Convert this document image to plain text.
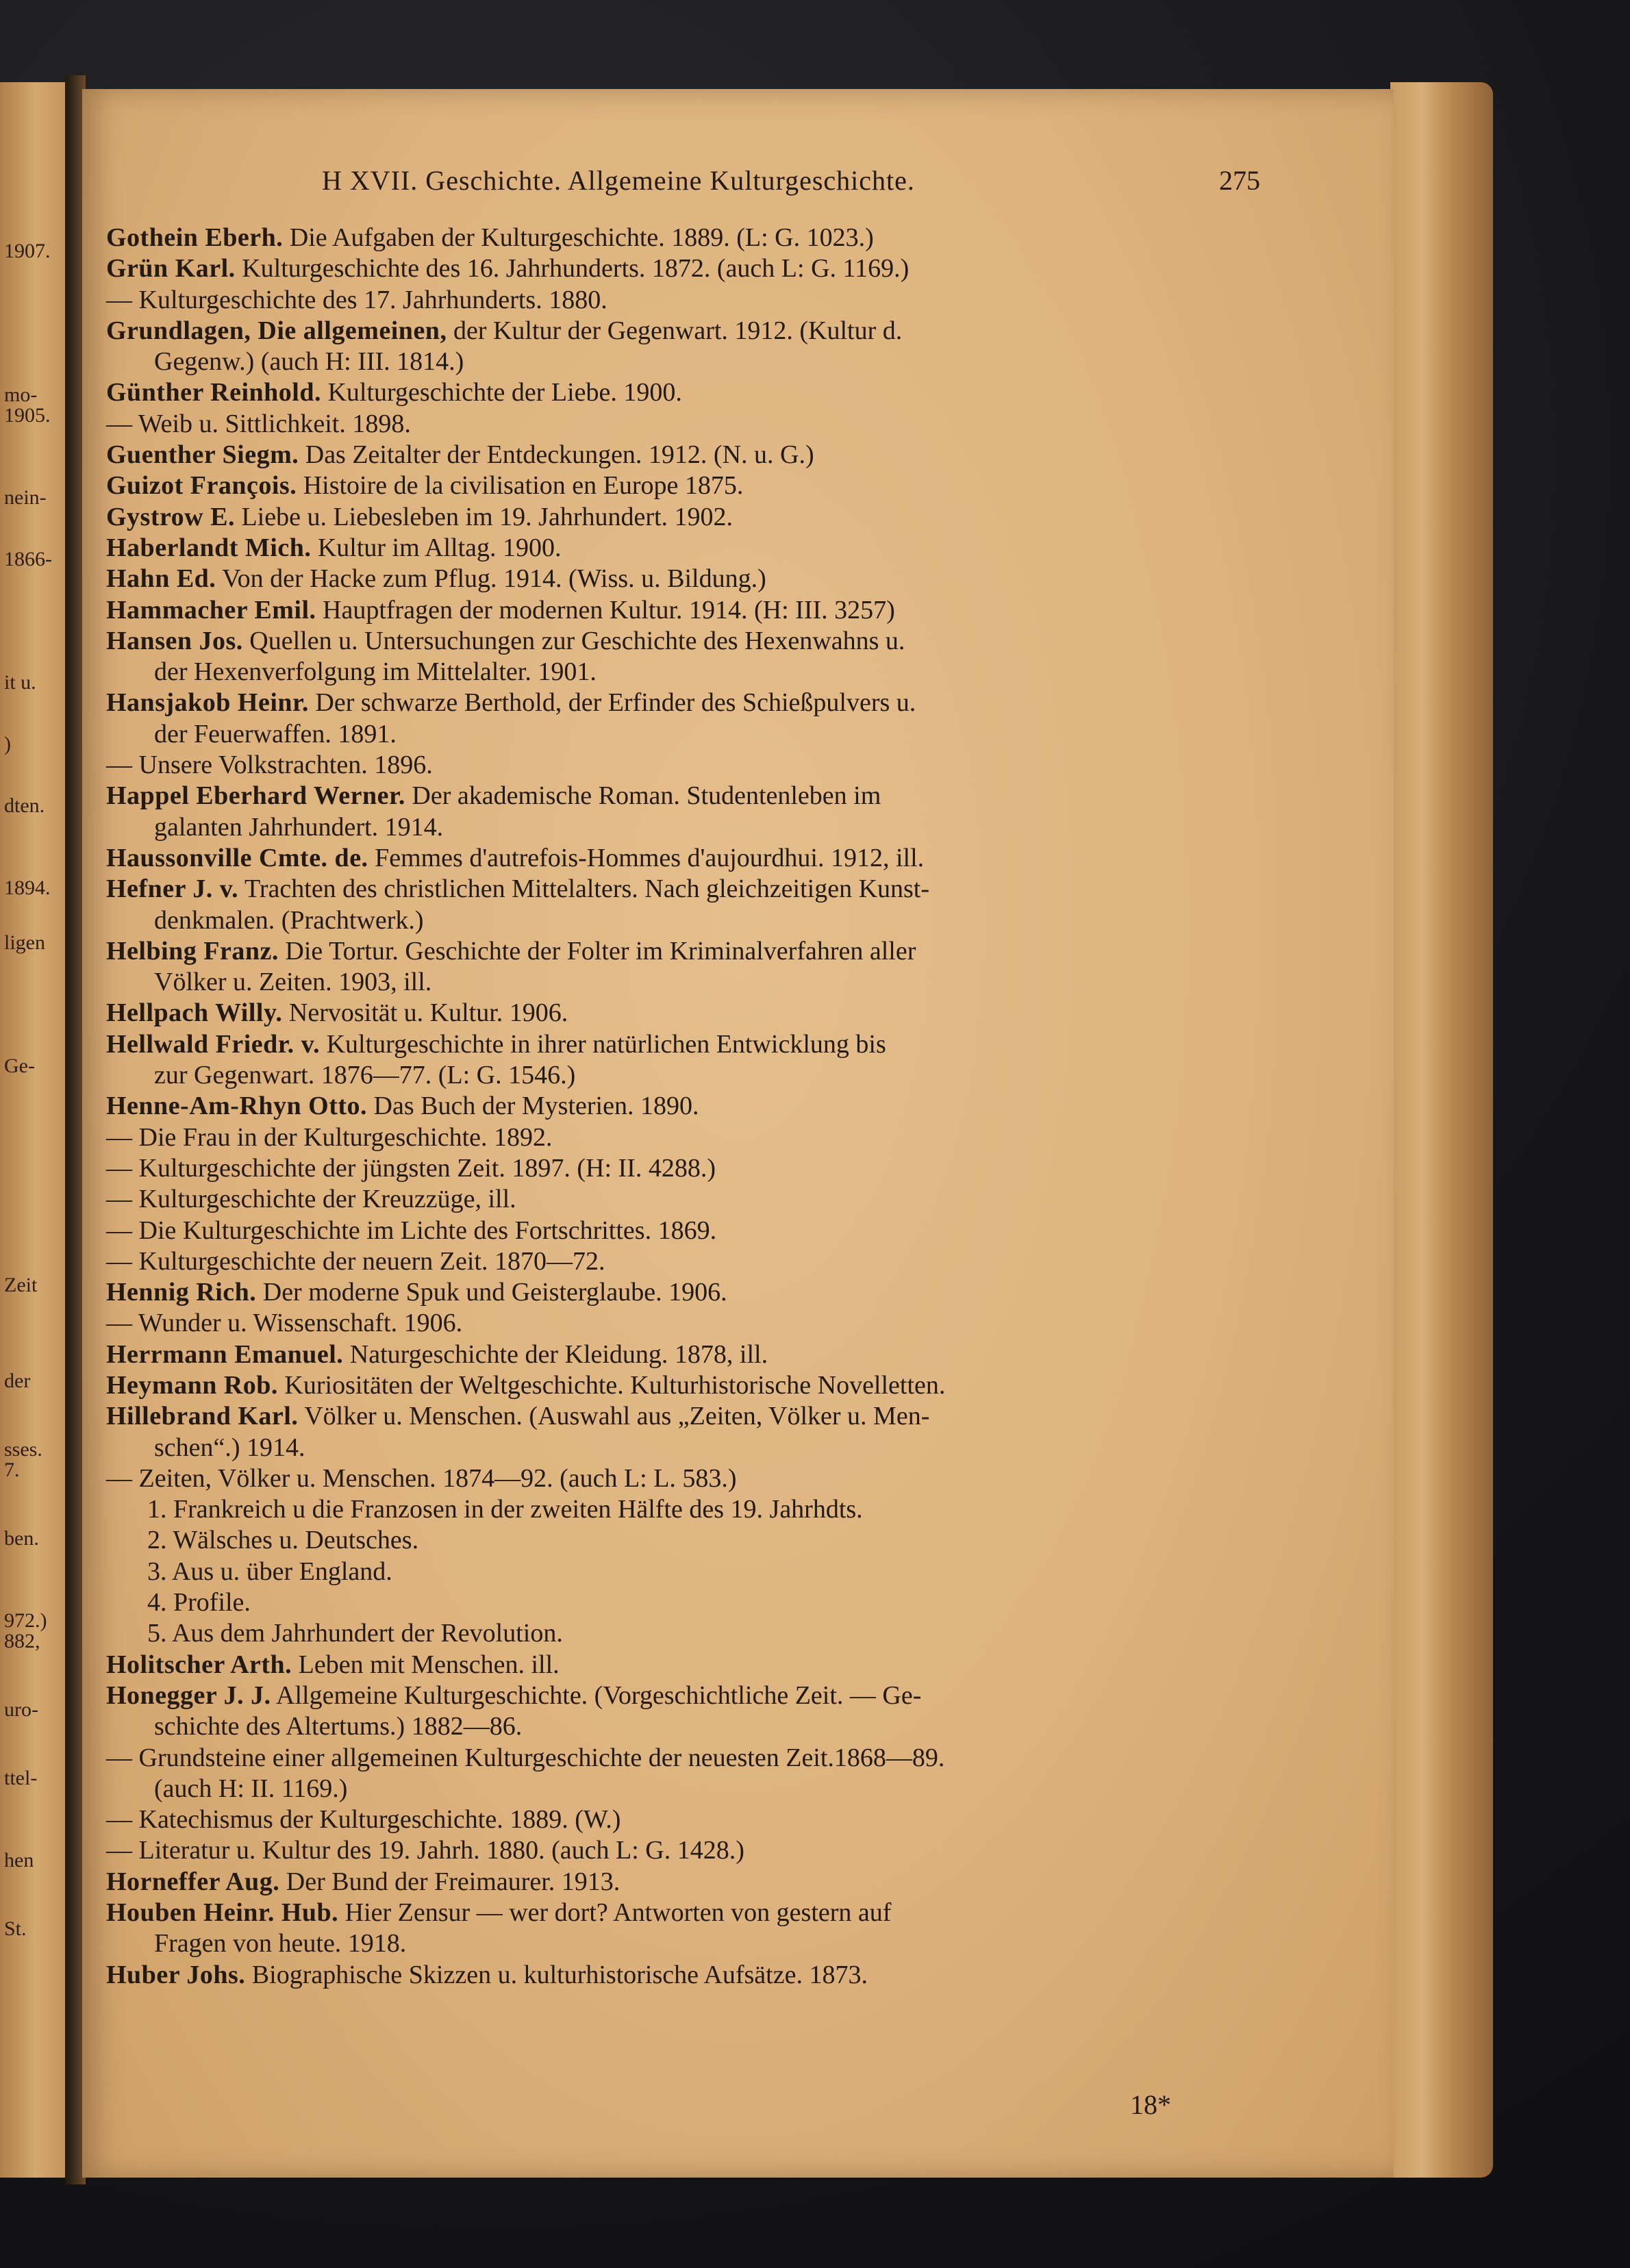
1907.
mo-
1905.
nein-
1866-
it u.
)
dten.
1894.
ligen
Ge-
Zeit
der
sses.
7.
ben.
972.)
882,
uro-
ttel-
hen
St.
H XVII. Geschichte. Allgemeine Kulturgeschichte.	275

Gothein Eberh. Die Aufgaben der Kulturgeschichte. 1889. (L: G. 1023.)

Grün Karl. Kulturgeschichte des 16. Jahrhunderts. 1872. (auch L: G. 1169.)

— Kulturgeschichte des 17. Jahrhunderts. 1880.

Grundlagen, Die allgemeinen, der Kultur der Gegenwart. 1912. (Kultur d.
Gegenw.) (auch H: III. 1814.)

Günther Reinhold. Kulturgeschichte der Liebe. 1900.

— Weib u. Sittlichkeit. 1898.

Guenther Siegm. Das Zeitalter der Entdeckungen. 1912. (N. u. G.)

Guizot François. Histoire de la civilisation en Europe 1875.

Gystrow E. Liebe u. Liebesleben im 19. Jahrhundert. 1902.

Haberlandt Mich. Kultur im Alltag. 1900.

Hahn Ed. Von der Hacke zum Pflug. 1914. (Wiss. u. Bildung.)

Hammacher Emil. Hauptfragen der modernen Kultur. 1914. (H: III. 3257)

Hansen Jos. Quellen u. Untersuchungen zur Geschichte des Hexenwahns u.
der Hexenverfolgung im Mittelalter. 1901.

Hansjakob Heinr. Der schwarze Berthold, der Erfinder des Schießpulvers u.
der Feuerwaffen. 1891.

— Unsere Volkstrachten. 1896.

Happel Eberhard Werner. Der akademische Roman. Studentenleben im
galanten Jahrhundert. 1914.

Haussonville Cmte. de. Femmes d'autrefois-Hommes d'aujourdhui. 1912, ill.

Hefner J. v. Trachten des christlichen Mittelalters. Nach gleichzeitigen Kunst-
denkmalen. (Prachtwerk.)

Helbing Franz. Die Tortur. Geschichte der Folter im Kriminalverfahren aller
Völker u. Zeiten. 1903, ill.

Hellpach Willy. Nervosität u. Kultur. 1906.

Hellwald Friedr. v. Kulturgeschichte in ihrer natürlichen Entwicklung bis
zur Gegenwart. 1876—77. (L: G. 1546.)

Henne-Am-Rhyn Otto. Das Buch der Mysterien. 1890.

— Die Frau in der Kulturgeschichte. 1892.

— Kulturgeschichte der jüngsten Zeit. 1897. (H: II. 4288.)

— Kulturgeschichte der Kreuzzüge, ill.

— Die Kulturgeschichte im Lichte des Fortschrittes. 1869.

— Kulturgeschichte der neuern Zeit. 1870—72.

Hennig Rich. Der moderne Spuk und Geisterglaube. 1906.

— Wunder u. Wissenschaft. 1906.

Herrmann Emanuel. Naturgeschichte der Kleidung. 1878, ill.

Heymann Rob. Kuriositäten der Weltgeschichte. Kulturhistorische Novelletten.

Hillebrand Karl. Völker u. Menschen. (Auswahl aus „Zeiten, Völker u. Men-
schen“.) 1914.

— Zeiten, Völker u. Menschen. 1874—92. (auch L: L. 583.)

1. Frankreich u die Franzosen in der zweiten Hälfte des 19. Jahrhdts.

2. Wälsches u. Deutsches.

3. Aus u. über England.

4. Profile.

5. Aus dem Jahrhundert der Revolution.

Holitscher Arth. Leben mit Menschen. ill.

Honegger J. J. Allgemeine Kulturgeschichte. (Vorgeschichtliche Zeit. — Ge-
schichte des Altertums.) 1882—86.

— Grundsteine einer allgemeinen Kulturgeschichte der neuesten Zeit.1868—89.
(auch H: II. 1169.)

— Katechismus der Kulturgeschichte. 1889. (W.)

— Literatur u. Kultur des 19. Jahrh. 1880. (auch L: G. 1428.)

Horneffer Aug. Der Bund der Freimaurer. 1913.

Houben Heinr. Hub. Hier Zensur — wer dort? Antworten von gestern auf
Fragen von heute. 1918.

Huber Johs. Biographische Skizzen u. kulturhistorische Aufsätze. 1873.

18*
